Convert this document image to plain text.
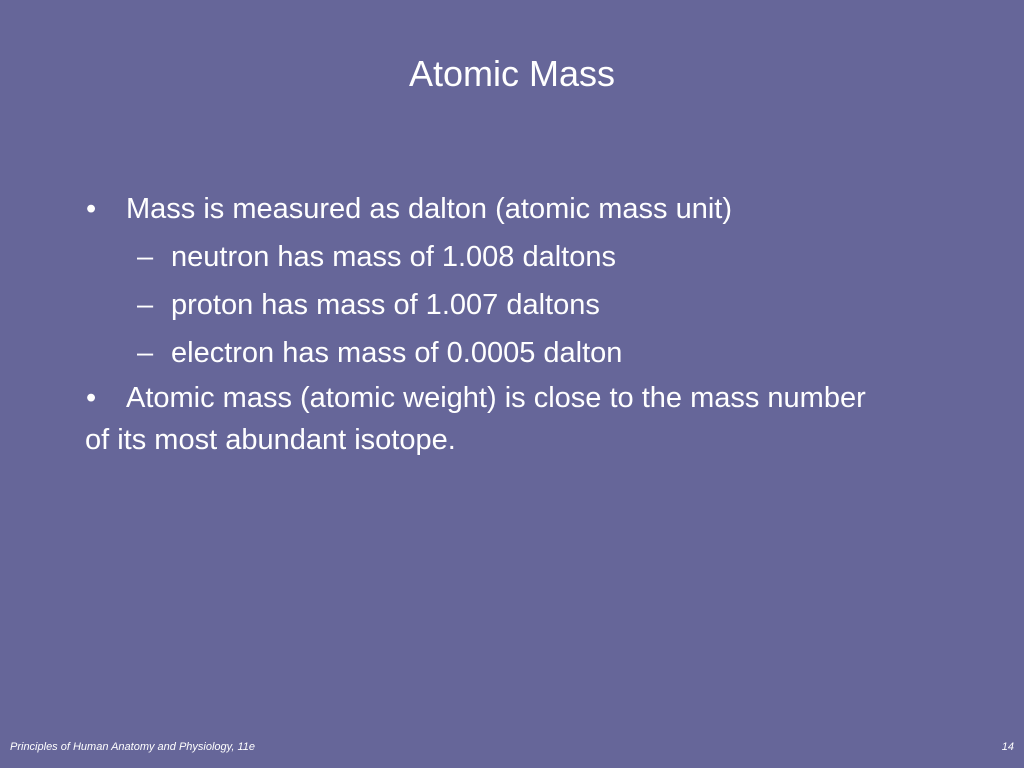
Atomic Mass
• Mass is measured as dalton (atomic mass unit)
– neutron has mass of 1.008 daltons
– proton has mass of 1.007 daltons
– electron has mass of 0.0005 dalton
• Atomic mass (atomic weight) is close to the mass number
of its most abundant isotope.
Principles of Human Anatomy and Physiology, 11e	14
